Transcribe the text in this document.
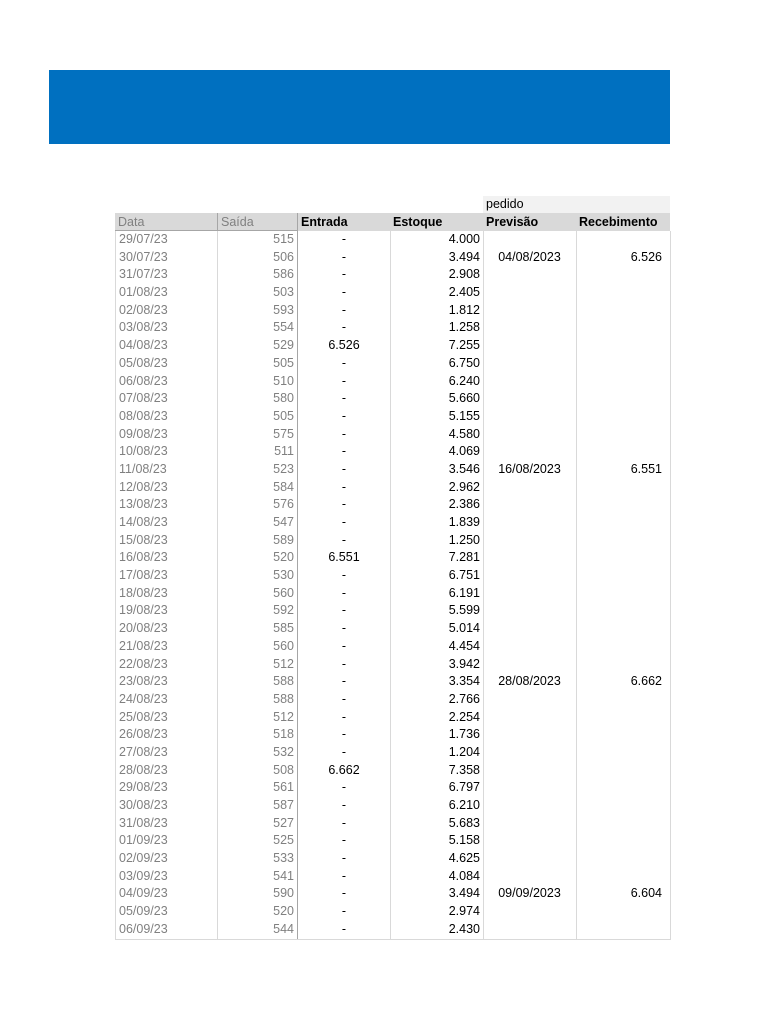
pedido
Data	Saída	Entrada	Estoque	Previsão	Recebimento
29/07/23	515	-	4.000
30/07/23	506	-	3.494	04/08/2023	6.526
31/07/23	586	-	2.908
01/08/23	503	-	2.405
02/08/23	593	-	1.812
03/08/23	554	-	1.258
04/08/23	529	6.526	7.255
05/08/23	505	-	6.750
06/08/23	510	-	6.240
07/08/23	580	-	5.660
08/08/23	505	-	5.155
09/08/23	575	-	4.580
10/08/23	511	-	4.069
11/08/23	523	-	3.546	16/08/2023	6.551
12/08/23	584	-	2.962
13/08/23	576	-	2.386
14/08/23	547	-	1.839
15/08/23	589	-	1.250
16/08/23	520	6.551	7.281
17/08/23	530	-	6.751
18/08/23	560	-	6.191
19/08/23	592	-	5.599
20/08/23	585	-	5.014
21/08/23	560	-	4.454
22/08/23	512	-	3.942
23/08/23	588	-	3.354	28/08/2023	6.662
24/08/23	588	-	2.766
25/08/23	512	-	2.254
26/08/23	518	-	1.736
27/08/23	532	-	1.204
28/08/23	508	6.662	7.358
29/08/23	561	-	6.797
30/08/23	587	-	6.210
31/08/23	527	-	5.683
01/09/23	525	-	5.158
02/09/23	533	-	4.625
03/09/23	541	-	4.084
04/09/23	590	-	3.494	09/09/2023	6.604
05/09/23	520	-	2.974
06/09/23	544	-	2.430
